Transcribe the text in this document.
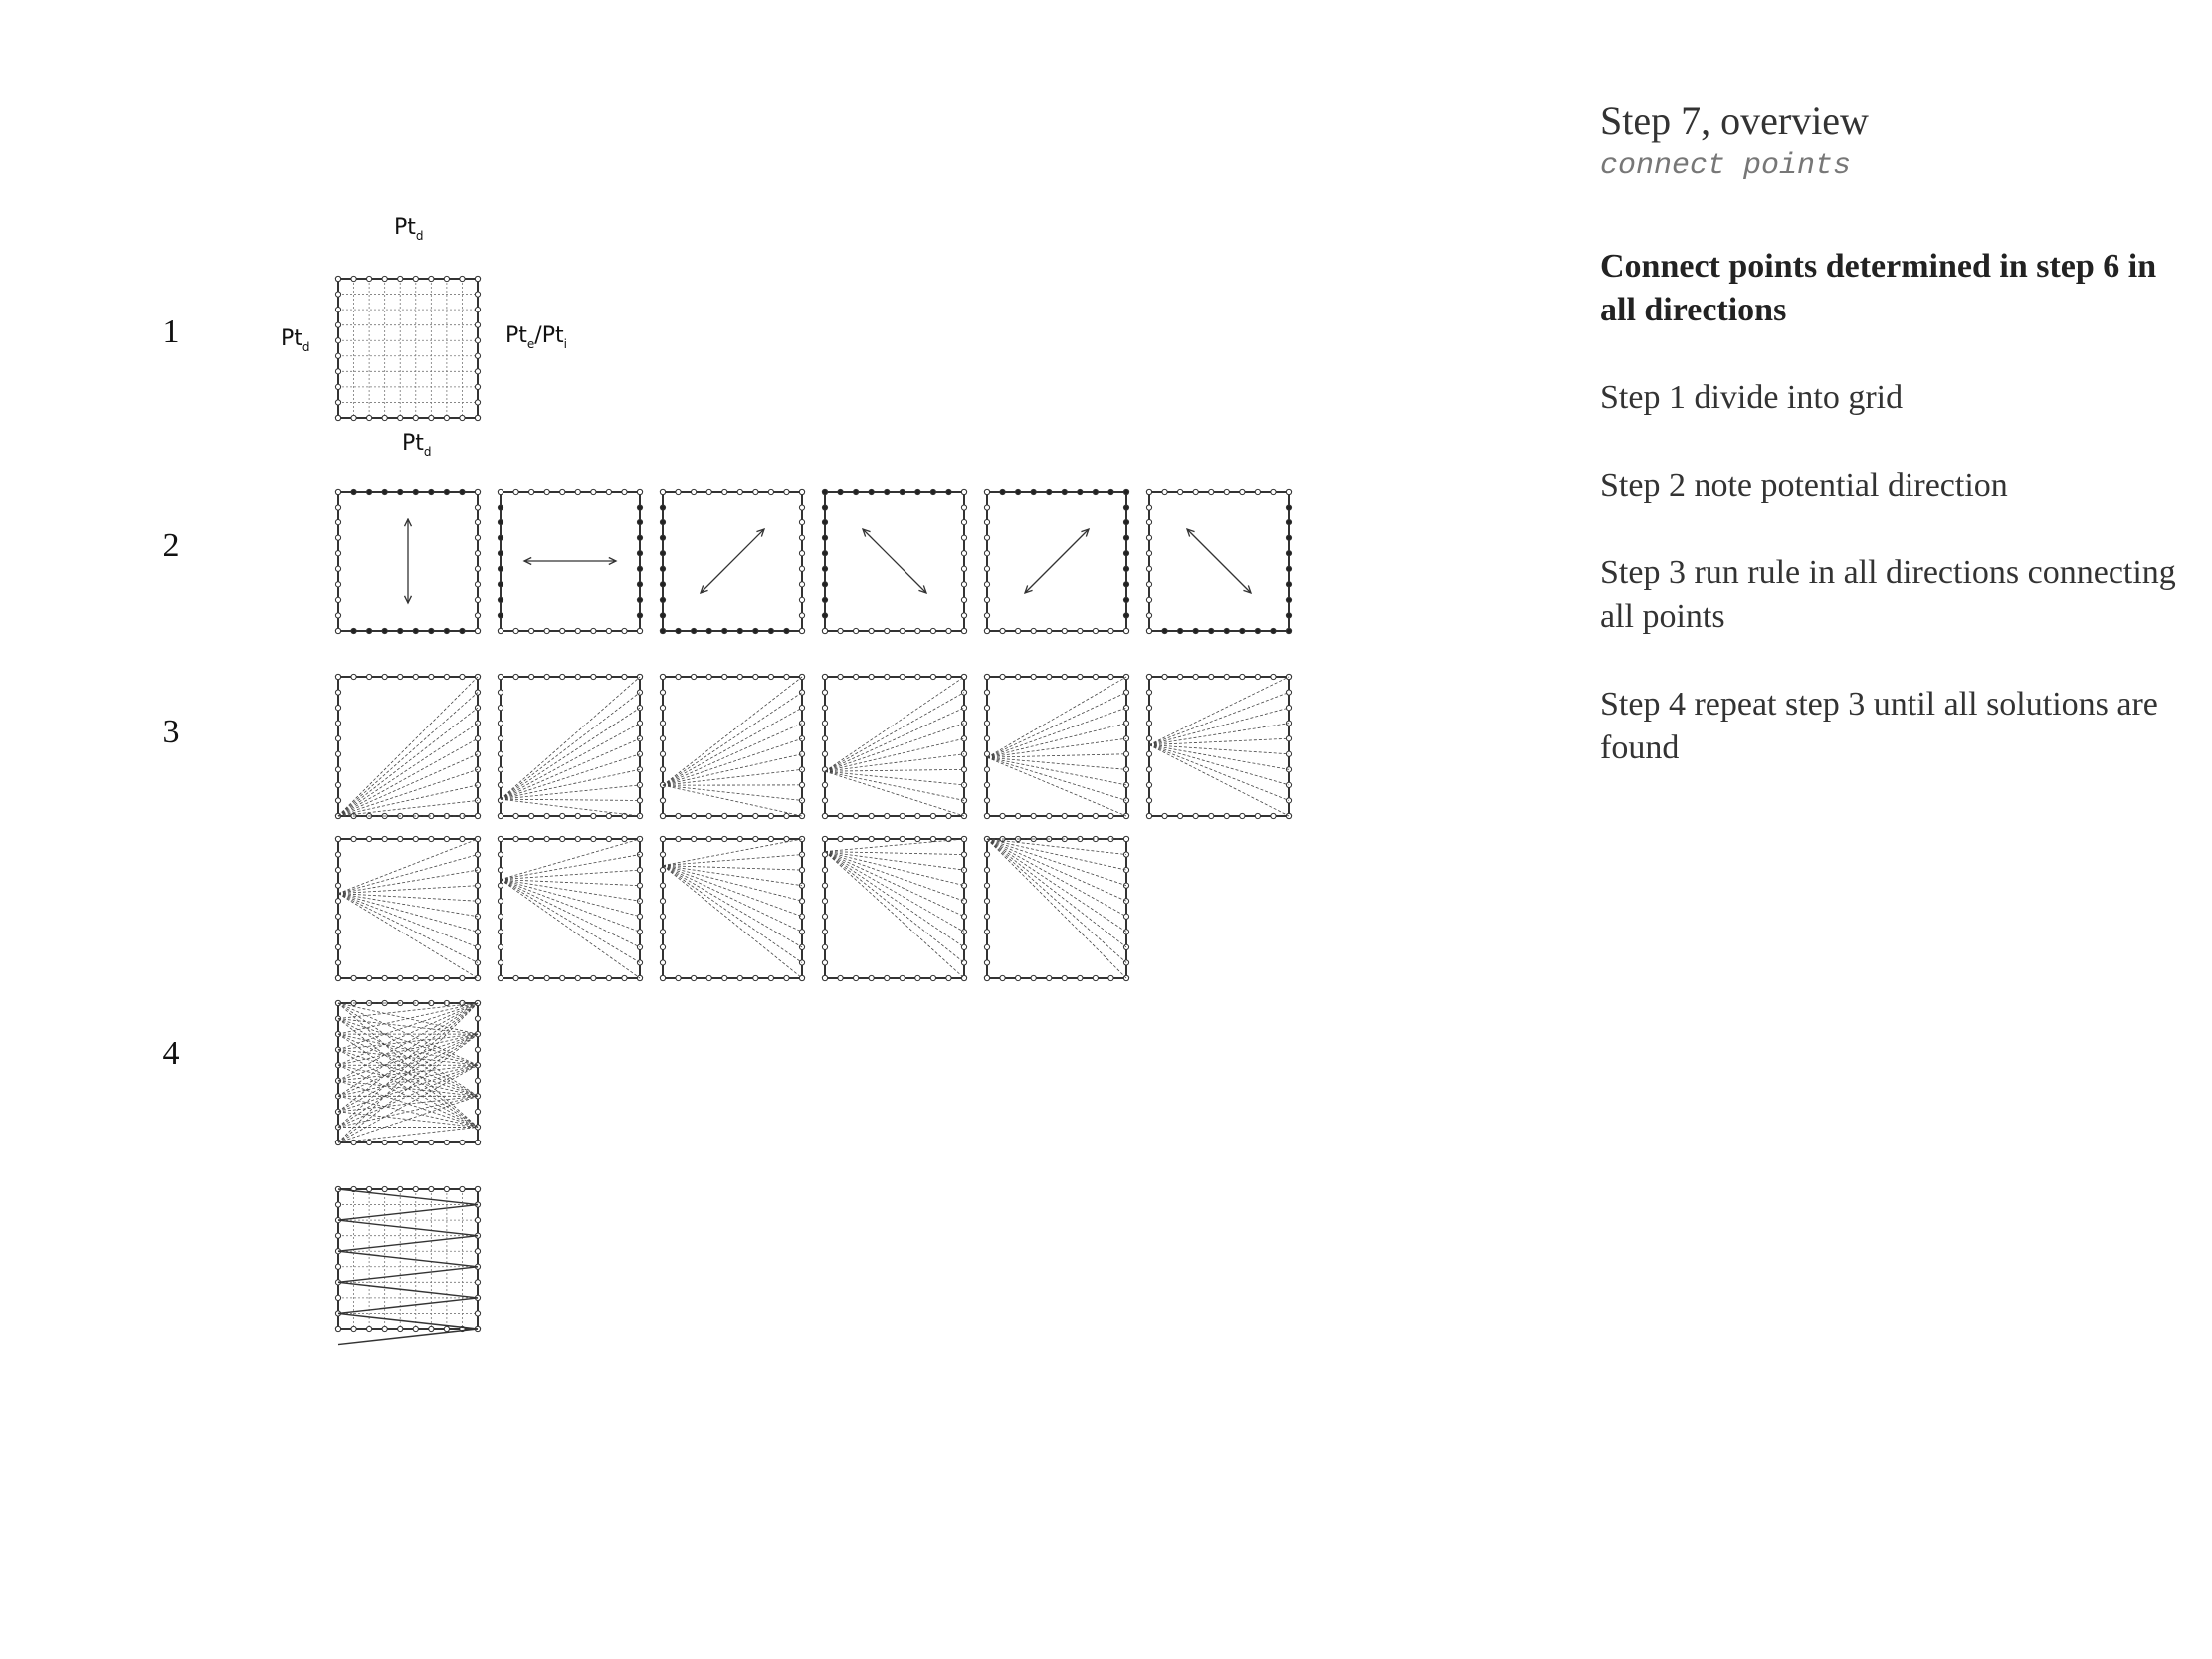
1
2
3
4
$Pt_d$
$Pt_d$	$Pt_e/Pt_i$
$Pt_d$

Step 7, overview

connect points

Connect points determined in step 6 in all directions

Step 1 divide into grid

Step 2 note potential direction

Step 3 run rule in all directions connecting all points

Step 4 repeat step 3 until all solutions are found
